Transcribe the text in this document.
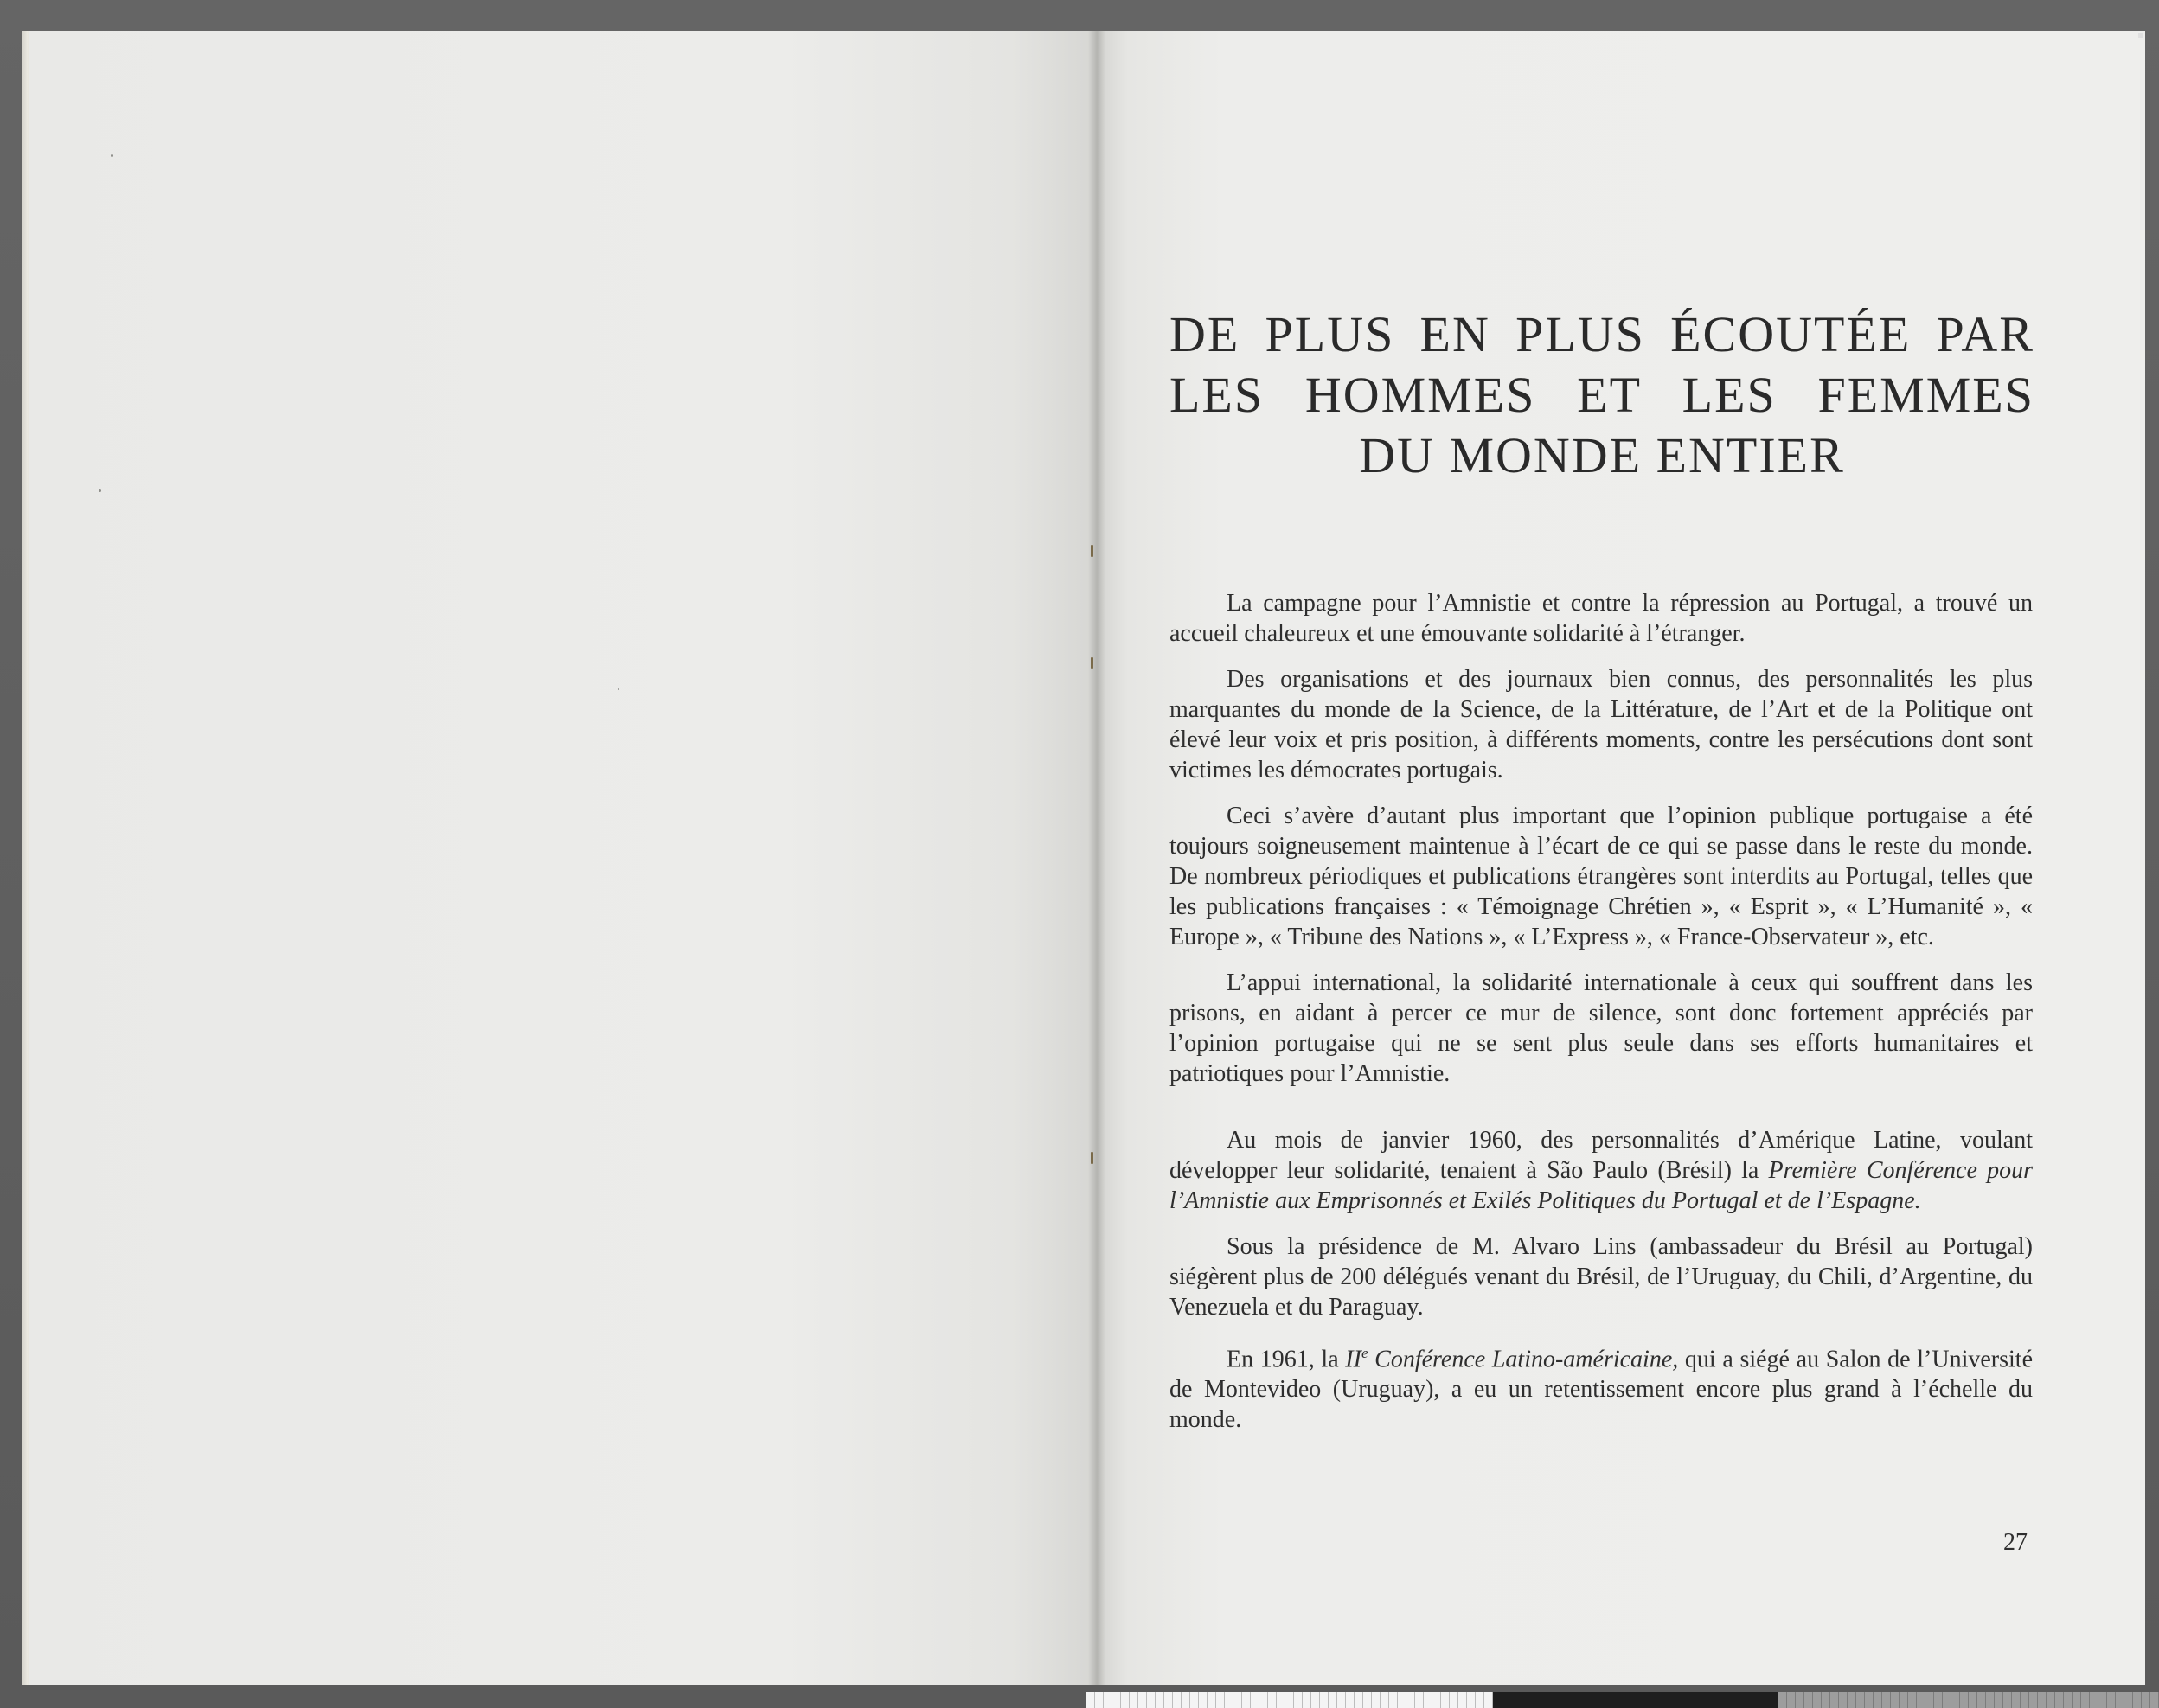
DE PLUS EN PLUS ÉCOUTÉE PAR
LES HOMMES ET LES FEMMES
DU MONDE ENTIER

La campagne pour l’Amnistie et contre la répression au Portugal, a trouvé un accueil chaleureux et une émouvante solidarité à l’étranger.

Des organisations et des journaux bien connus, des personnalités les plus marquantes du monde de la Science, de la Littérature, de l’Art et de la Politique ont élevé leur voix et pris position, à différents moments, contre les persécutions dont sont victimes les démocrates portugais.

Ceci s’avère d’autant plus important que l’opinion publique portugaise a été toujours soigneusement maintenue à l’écart de ce qui se passe dans le reste du monde. De nombreux périodiques et publications étrangères sont interdits au Portugal, telles que les publications françaises : « Témoignage Chrétien », « Esprit », « L’Humanité », « Europe », « Tribune des Nations », « L’Express », « France-Observateur », etc.

L’appui international, la solidarité internationale à ceux qui souffrent dans les prisons, en aidant à percer ce mur de silence, sont donc fortement appréciés par l’opinion portugaise qui ne se sent plus seule dans ses efforts humanitaires et patriotiques pour l’Amnistie.

Au mois de janvier 1960, des personnalités d’Amérique Latine, voulant développer leur solidarité, tenaient à São Paulo (Brésil) la Première Conférence pour l’Amnistie aux Emprisonnés et Exilés Politiques du Portugal et de l’Espagne.

Sous la présidence de M. Alvaro Lins (ambassadeur du Brésil au Portugal) siégèrent plus de 200 délégués venant du Brésil, de l’Uruguay, du Chili, d’Argentine, du Venezuela et du Paraguay.

En 1961, la IIe Conférence Latino-américaine, qui a siégé au Salon de l’Université de Montevideo (Uruguay), a eu un retentissement encore plus grand à l’échelle du monde.

27
